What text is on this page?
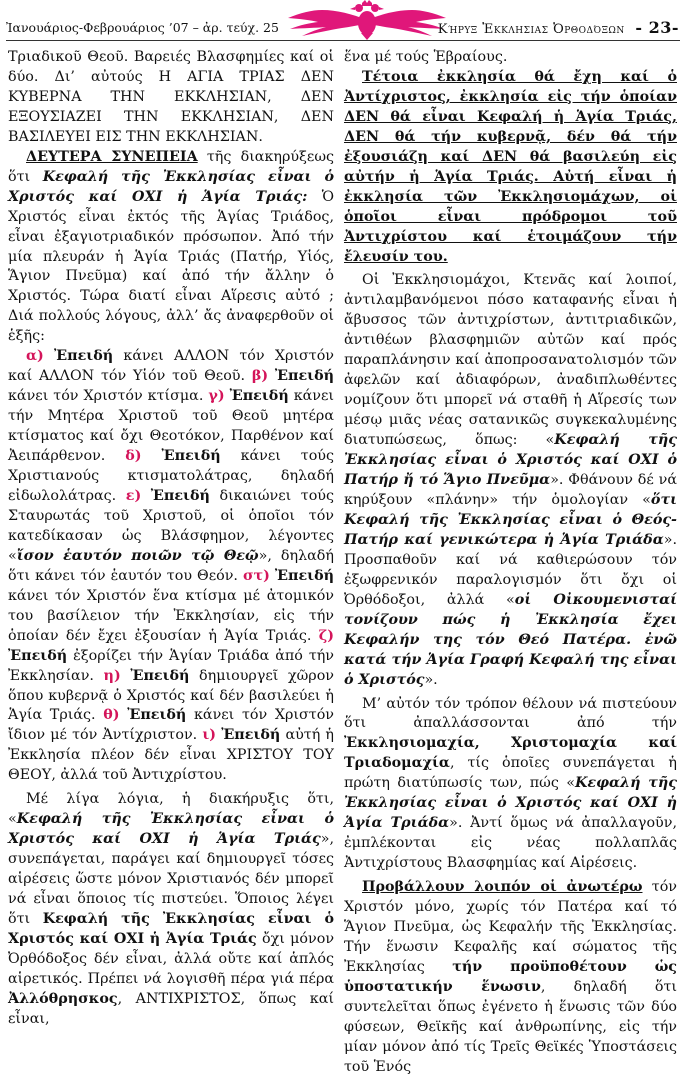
Ἰανουάριος-Φεβρουάριος ’07 – ἀρ. τεύχ. 25	Κήρυξ Ἐκκλησιας Ὀρθοδόξων - 23-

Τριαδικοῦ Θεοῦ. Βαρειές Βλασφημίες καί οἱ δύο. Δι’ αὐτούς Η ΑΓΙΑ ΤΡΙΑΣ ΔΕΝ ΚΥΒΕΡΝΑ ΤΗΝ ΕΚΚΛΗΣΙΑΝ, ΔΕΝ ΕΞΟΥΣΙΑΖΕΙ ΤΗΝ ΕΚΚΛΗΣΙΑΝ, ΔΕΝ ΒΑΣΙΛΕΥΕΙ ΕΙΣ ΤΗΝ ΕΚΚΛΗΣΙΑΝ.

ΔΕΥΤΕΡΑ ΣΥΝΕΠΕΙΑ τῆς διακηρύξεως ὅτι Κεφαλή τῆς Ἐκκλησίας εἶναι ὁ Χριστός καί ΟΧΙ ἡ Ἁγία Τριάς: Ὁ Χριστός εἶναι ἐκτός τῆς Ἁγίας Τριάδος, εἶναι ἐξαγιοτριαδικόν πρόσωπον. Ἀπό τήν μία πλευράν ἡ Ἁγία Τριάς (Πατήρ, Υἱός, Ἅγιον Πνεῦμα) καί ἀπό τήν ἄλλην ὁ Χριστός. Τώρα διατί εἶναι Αἵρεσις αὐτό ; Διά πολλούς λόγους, ἀλλ’ ἄς ἀναφερθοῦν οἱ ἑξῆς:

α) Ἐπειδή κάνει ΑΛΛΟΝ τόν Χριστόν καί ΑΛΛΟΝ τόν Υἱόν τοῦ Θεοῦ. β) Ἐπειδή κάνει τόν Χριστόν κτίσμα. γ) Ἐπειδή κάνει τήν Μητέρα Χριστοῦ τοῦ Θεοῦ μητέρα κτίσματος καί ὄχι Θεοτόκον, Παρθένον καί Ἀειπάρθενον. δ) Ἐπειδή κάνει τούς Χριστιανούς κτισματολάτρας, δηλαδή εἰδωλολάτρας. ε) Ἐπειδή δικαιώνει τούς Σταυρωτάς τοῦ Χριστοῦ, οἱ ὁποῖοι τόν κατεδίκασαν ὡς Βλάσφημον, λέγοντες «ἴσον ἑαυτόν ποιῶν τῷ Θεῷ», δηλαδή ὅτι κάνει τόν ἑαυτόν του Θεόν. στ) Ἐπειδή κάνει τόν Χριστόν ἕνα κτίσμα μέ ἀτομικόν του βασίλειον τήν Ἐκκλησίαν, εἰς τήν ὁποίαν δέν ἔχει ἐξουσίαν ἡ Ἁγία Τριάς. ζ) Ἐπειδή ἐξορίζει τήν Ἁγίαν Τριάδα ἀπό τήν Ἐκκλησίαν. η) Ἐπειδή δημιουργεῖ χῶρον ὅπου κυβερνᾷ ὁ Χριστός καί δέν βασιλεύει ἡ Ἁγία Τριάς. θ) Ἐπειδή κάνει τόν Χριστόν ἴδιον μέ τόν Ἀντίχριστον. ι) Ἐπειδή αὐτή ἡ Ἐκκλησία πλέον δέν εἶναι ΧΡΙΣΤΟΥ ΤΟΥ ΘΕΟΥ, ἀλλά τοῦ Ἀντιχρίστου.

Μέ λίγα λόγια, ἡ διακήρυξις ὅτι, «Κεφαλή τῆς Ἐκκλησίας εἶναι ὁ Χριστός καί ΟΧΙ ἡ Ἁγία Τριάς», συνεπάγεται, παράγει καί δημιουργεῖ τόσες αἱρέσεις ὥστε μόνον Χριστιανός δέν μπορεῖ νά εἶναι ὅποιος τίς πιστεύει. Ὅποιος λέγει ὅτι Κεφαλή τῆς Ἐκκλησίας εἶναι ὁ Χριστός καί ΟΧΙ ἡ Ἁγία Τριάς ὄχι μόνον Ὀρθόδοξος δέν εἶναι, ἀλλά οὔτε καί ἁπλός αἱρετικός. Πρέπει νά λογισθῆ πέρα γιά πέρα Ἀλλόθρησκος, ΑΝΤΙΧΡΙΣΤΟΣ, ὅπως καί εἶναι,

ἕνα μέ τούς Ἑβραίους.

Τέτοια ἐκκλησία θά ἔχη καί ὁ Ἀντίχριστος, ἐκκλησία εἰς τήν ὁποίαν ΔΕΝ θά εἶναι Κεφαλή ἡ Ἁγία Τριάς, ΔΕΝ θά τήν κυβερνᾷ, δέν θά τήν ἐξουσιάζη καί ΔΕΝ θά βασιλεύη εἰς αὐτήν ἡ Ἁγία Τριάς. Αὐτή εἶναι ἡ ἐκκλησία τῶν Ἐκκλησιομάχων, οἱ ὁποῖοι εἶναι πρόδρομοι τοῦ Ἀντιχρίστου καί ἑτοιμάζουν τήν ἔλευσίν του.

Οἱ Ἐκκλησιομάχοι, Κτενᾶς καί λοιποί, ἀντιλαμβανόμενοι πόσο καταφανής εἶναι ἡ ἄβυσσος τῶν ἀντιχρίστων, ἀντιτριαδικῶν, ἀντιθέων βλασφημιῶν αὐτῶν καί πρός παραπλάνησιν καί ἀποπροσανατολισμόν τῶν ἀφελῶν καί ἀδιαφόρων, ἀναδιπλωθέντες νομίζουν ὅτι μπορεῖ νά σταθῆ ἡ Αἵρεσίς των μέσῳ μιᾶς νέας σατανικῶς συγκεκαλυμένης διατυπώσεως, ὅπως: «Κεφαλή τῆς Ἐκκλησίας εἶναι ὁ Χριστός καί ΟΧΙ ὁ Πατήρ ἤ τό Ἅγιο Πνεῦμα». Φθάνουν δέ νά κηρύξουν «πλάνην» τήν ὁμολογίαν «ὅτι Κεφαλή τῆς Ἐκκλησίας εἶναι ὁ Θεός-Πατήρ καί γενικώτερα ἡ Ἁγία Τριάδα». Προσπαθοῦν καί νά καθιερώσουν τόν ἐξωφρενικόν παραλογισμόν ὅτι ὄχι οἱ Ὀρθόδοξοι, ἀλλά «οἱ Οἰκουμενισταί τονίζουν πώς ἡ Ἐκκλησία ἔχει Κεφαλήν της τόν Θεό Πατέρα. ἐνῶ κατά τήν Ἁγία Γραφή Κεφαλή της εἶναι ὁ Χριστός».

Μ’ αὐτόν τόν τρόπον θέλουν νά πιστεύουν ὅτι ἀπαλλάσσονται ἀπό τήν Ἐκκλησιομαχία, Χριστομαχία καί Τριαδομαχία, τίς ὁποῖες συνεπάγεται ἡ πρώτη διατύπωσίς των, πώς «Κεφαλή τῆς Ἐκκλησίας εἶναι ὁ Χριστός καί ΟΧΙ ἡ Ἁγία Τριάδα». Ἀντί ὅμως νά ἀπαλλαγοῦν, ἐμπλέκονται εἰς νέας πολλαπλᾶς Ἀντιχρίστους Βλασφημίας καί Αἱρέσεις.

Προβάλλουν λοιπόν οἱ ἀνωτέρω τόν Χριστόν μόνο, χωρίς τόν Πατέρα καί τό Ἅγιον Πνεῦμα, ὡς Κεφαλήν τῆς Ἐκκλησίας. Τήν ἕνωσιν Κεφαλῆς καί σώματος τῆς Ἐκκλησίας τήν προϋποθέτουν ὡς ὑποστατικήν ἕνωσιν, δηλαδή ὅτι συντελεῖται ὅπως ἐγένετο ἡ ἕνωσις τῶν δύο φύσεων, Θεϊκῆς καί ἀνθρωπίνης, εἰς τήν μίαν μόνον ἀπό τίς Τρεῖς Θεϊκές Ὑποστάσεις τοῦ Ἑνός
